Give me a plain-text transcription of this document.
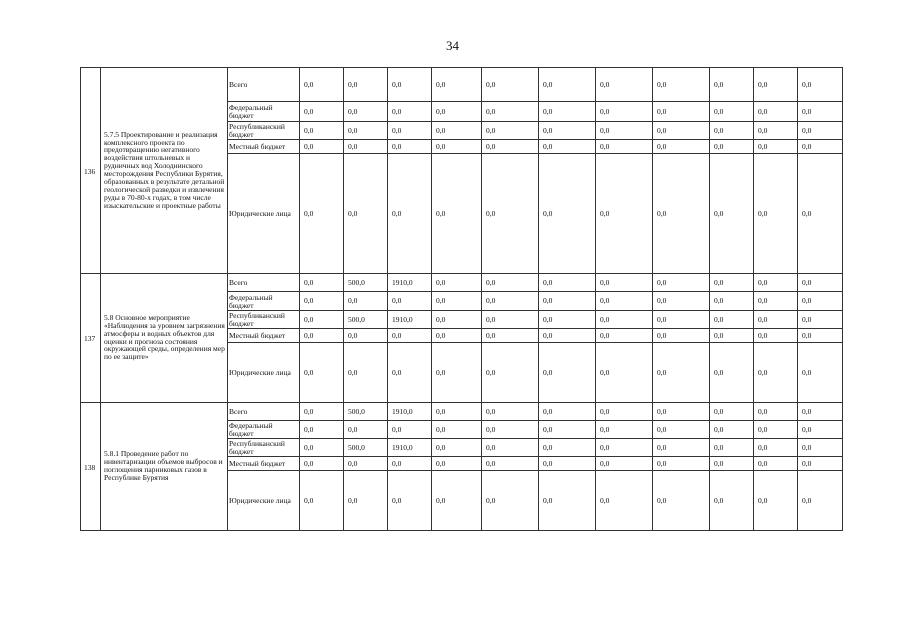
34
136	5.7.5 Проектирование и реализация комплексного проекта по предотвращению негативного воздействия штольневых и рудничных вод Холоднинского месторождения Республики Бурятия, образованных в результате детальной геологической разведки и извлечения руды в 70-80-х годах, в том числе изыскательские и проектные работы	Всего	0,0	0,0	0,0	0,0	0,0	0,0	0,0	0,0	0,0	0,0	0,0
		Федеральный бюджет	0,0	0,0	0,0	0,0	0,0	0,0	0,0	0,0	0,0	0,0	0,0
		Республиканский бюджет	0,0	0,0	0,0	0,0	0,0	0,0	0,0	0,0	0,0	0,0	0,0
		Местный бюджет	0,0	0,0	0,0	0,0	0,0	0,0	0,0	0,0	0,0	0,0	0,0
		Юридические лица	0,0	0,0	0,0	0,0	0,0	0,0	0,0	0,0	0,0	0,0	0,0
137	5.8 Основное мероприятие «Наблюдения за уровнем загрязнения атмосферы и водных объектов для оценки и прогноза состояния окружающей среды, определения мер по ее защите»	Всего	0,0	500,0	1910,0	0,0	0,0	0,0	0,0	0,0	0,0	0,0	0,0
		Федеральный бюджет	0,0	0,0	0,0	0,0	0,0	0,0	0,0	0,0	0,0	0,0	0,0
		Республиканский бюджет	0,0	500,0	1910,0	0,0	0,0	0,0	0,0	0,0	0,0	0,0	0,0
		Местный бюджет	0,0	0,0	0,0	0,0	0,0	0,0	0,0	0,0	0,0	0,0	0,0
		Юридические лица	0,0	0,0	0,0	0,0	0,0	0,0	0,0	0,0	0,0	0,0	0,0
138	5.8.1 Проведение работ по инвентаризации объемов выбросов и поглощения парниковых газов в Республике Бурятия	Всего	0,0	500,0	1910,0	0,0	0,0	0,0	0,0	0,0	0,0	0,0	0,0
		Федеральный бюджет	0,0	0,0	0,0	0,0	0,0	0,0	0,0	0,0	0,0	0,0	0,0
		Республиканский бюджет	0,0	500,0	1910,0	0,0	0,0	0,0	0,0	0,0	0,0	0,0	0,0
		Местный бюджет	0,0	0,0	0,0	0,0	0,0	0,0	0,0	0,0	0,0	0,0	0,0
		Юридические лица	0,0	0,0	0,0	0,0	0,0	0,0	0,0	0,0	0,0	0,0	0,0
